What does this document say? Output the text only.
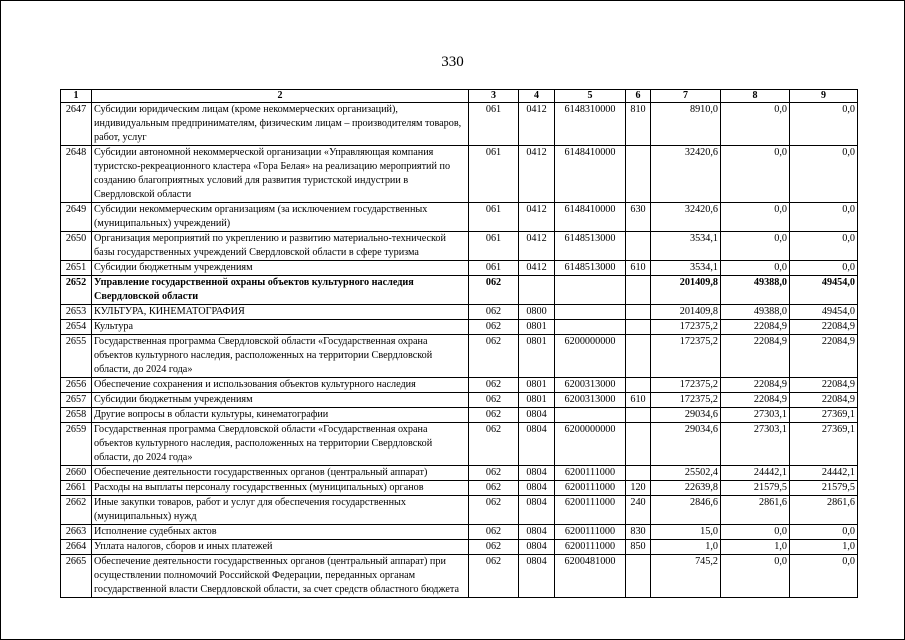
330
1	2	3	4	5	6	7	8	9
2647	Субсидии юридическим лицам (кроме некоммерческих организаций), индивидуальным предпринимателям, физическим лицам – производителям товаров, работ, услуг	061	0412	6148310000	810	8910,0	0,0	0,0
2648	Субсидии автономной некоммерческой организации «Управляющая компания туристско-рекреационного кластера «Гора Белая» на реализацию мероприятий по созданию благоприятных условий для развития туристской индустрии в Свердловской области	061	0412	6148410000		32420,6	0,0	0,0
2649	Субсидии некоммерческим организациям (за исключением государственных (муниципальных) учреждений)	061	0412	6148410000	630	32420,6	0,0	0,0
2650	Организация мероприятий по укреплению и развитию материально-технической базы государственных учреждений Свердловской области в сфере туризма	061	0412	6148513000		3534,1	0,0	0,0
2651	Субсидии бюджетным учреждениям	061	0412	6148513000	610	3534,1	0,0	0,0
2652	Управление государственной охраны объектов культурного наследия Свердловской области	062				201409,8	49388,0	49454,0
2653	КУЛЬТУРА, КИНЕМАТОГРАФИЯ	062	0800			201409,8	49388,0	49454,0
2654	Культура	062	0801			172375,2	22084,9	22084,9
2655	Государственная программа Свердловской области «Государственная охрана объектов культурного наследия, расположенных на территории Свердловской области, до 2024 года»	062	0801	6200000000		172375,2	22084,9	22084,9
2656	Обеспечение сохранения и использования объектов культурного наследия	062	0801	6200313000		172375,2	22084,9	22084,9
2657	Субсидии бюджетным учреждениям	062	0801	6200313000	610	172375,2	22084,9	22084,9
2658	Другие вопросы в области культуры, кинематографии	062	0804			29034,6	27303,1	27369,1
2659	Государственная программа Свердловской области «Государственная охрана объектов культурного наследия, расположенных на территории Свердловской области, до 2024 года»	062	0804	6200000000		29034,6	27303,1	27369,1
2660	Обеспечение деятельности государственных органов (центральный аппарат)	062	0804	6200111000		25502,4	24442,1	24442,1
2661	Расходы на выплаты персоналу государственных (муниципальных) органов	062	0804	6200111000	120	22639,8	21579,5	21579,5
2662	Иные закупки товаров, работ и услуг для обеспечения государственных (муниципальных) нужд	062	0804	6200111000	240	2846,6	2861,6	2861,6
2663	Исполнение судебных актов	062	0804	6200111000	830	15,0	0,0	0,0
2664	Уплата налогов, сборов и иных платежей	062	0804	6200111000	850	1,0	1,0	1,0
2665	Обеспечение деятельности государственных органов (центральный аппарат) при осуществлении полномочий Российской Федерации, переданных органам государственной власти Свердловской области, за счет средств областного бюджета	062	0804	6200481000		745,2	0,0	0,0
